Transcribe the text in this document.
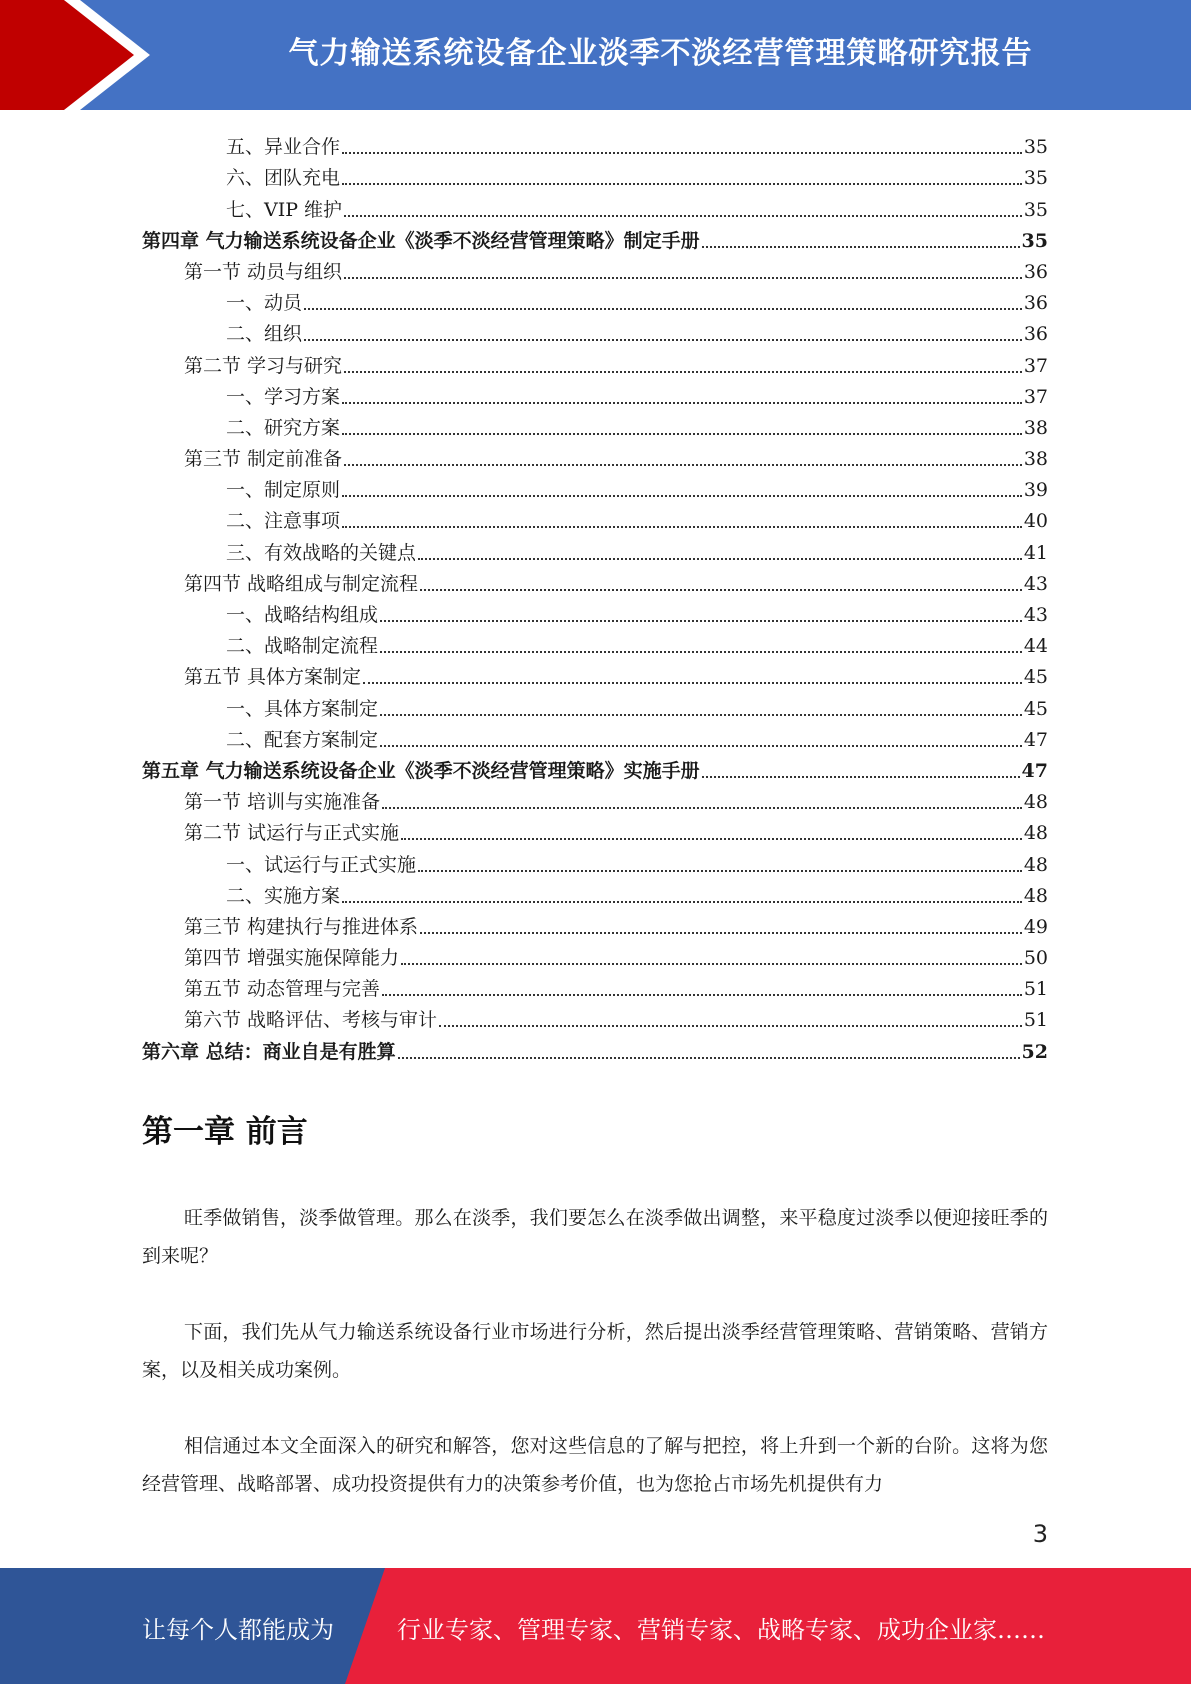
气力输送系统设备企业淡季不淡经营管理策略研究报告
五、异业合作	35
六、团队充电	35
七、VIP 维护	35
第四章 气力输送系统设备企业《淡季不淡经营管理策略》制定手册	35
第一节 动员与组织	36
一、动员	36
二、组织	36
第二节 学习与研究	37
一、学习方案	37
二、研究方案	38
第三节 制定前准备	38
一、制定原则	39
二、注意事项	40
三、有效战略的关键点	41
第四节 战略组成与制定流程	43
一、战略结构组成	43
二、战略制定流程	44
第五节 具体方案制定	45
一、具体方案制定	45
二、配套方案制定	47
第五章 气力输送系统设备企业《淡季不淡经营管理策略》实施手册	47
第一节 培训与实施准备	48
第二节 试运行与正式实施	48
一、试运行与正式实施	48
二、实施方案	48
第三节 构建执行与推进体系	49
第四节 增强实施保障能力	50
第五节 动态管理与完善	51
第六节 战略评估、考核与审计	51
第六章 总结：商业自是有胜算	52
第一章 前言

旺季做销售，淡季做管理。那么在淡季，我们要怎么在淡季做出调整，来平稳度过淡季以便迎接旺季的到来呢？

下面，我们先从气力输送系统设备行业市场进行分析，然后提出淡季经营管理策略、营销策略、营销方案，以及相关成功案例。

相信通过本文全面深入的研究和解答，您对这些信息的了解与把控，将上升到一个新的台阶。这将为您经营管理、战略部署、成功投资提供有力的决策参考价值，也为您抢占市场先机提供有力

3
让每个人都能成为	行业专家、管理专家、营销专家、战略专家、成功企业家……
